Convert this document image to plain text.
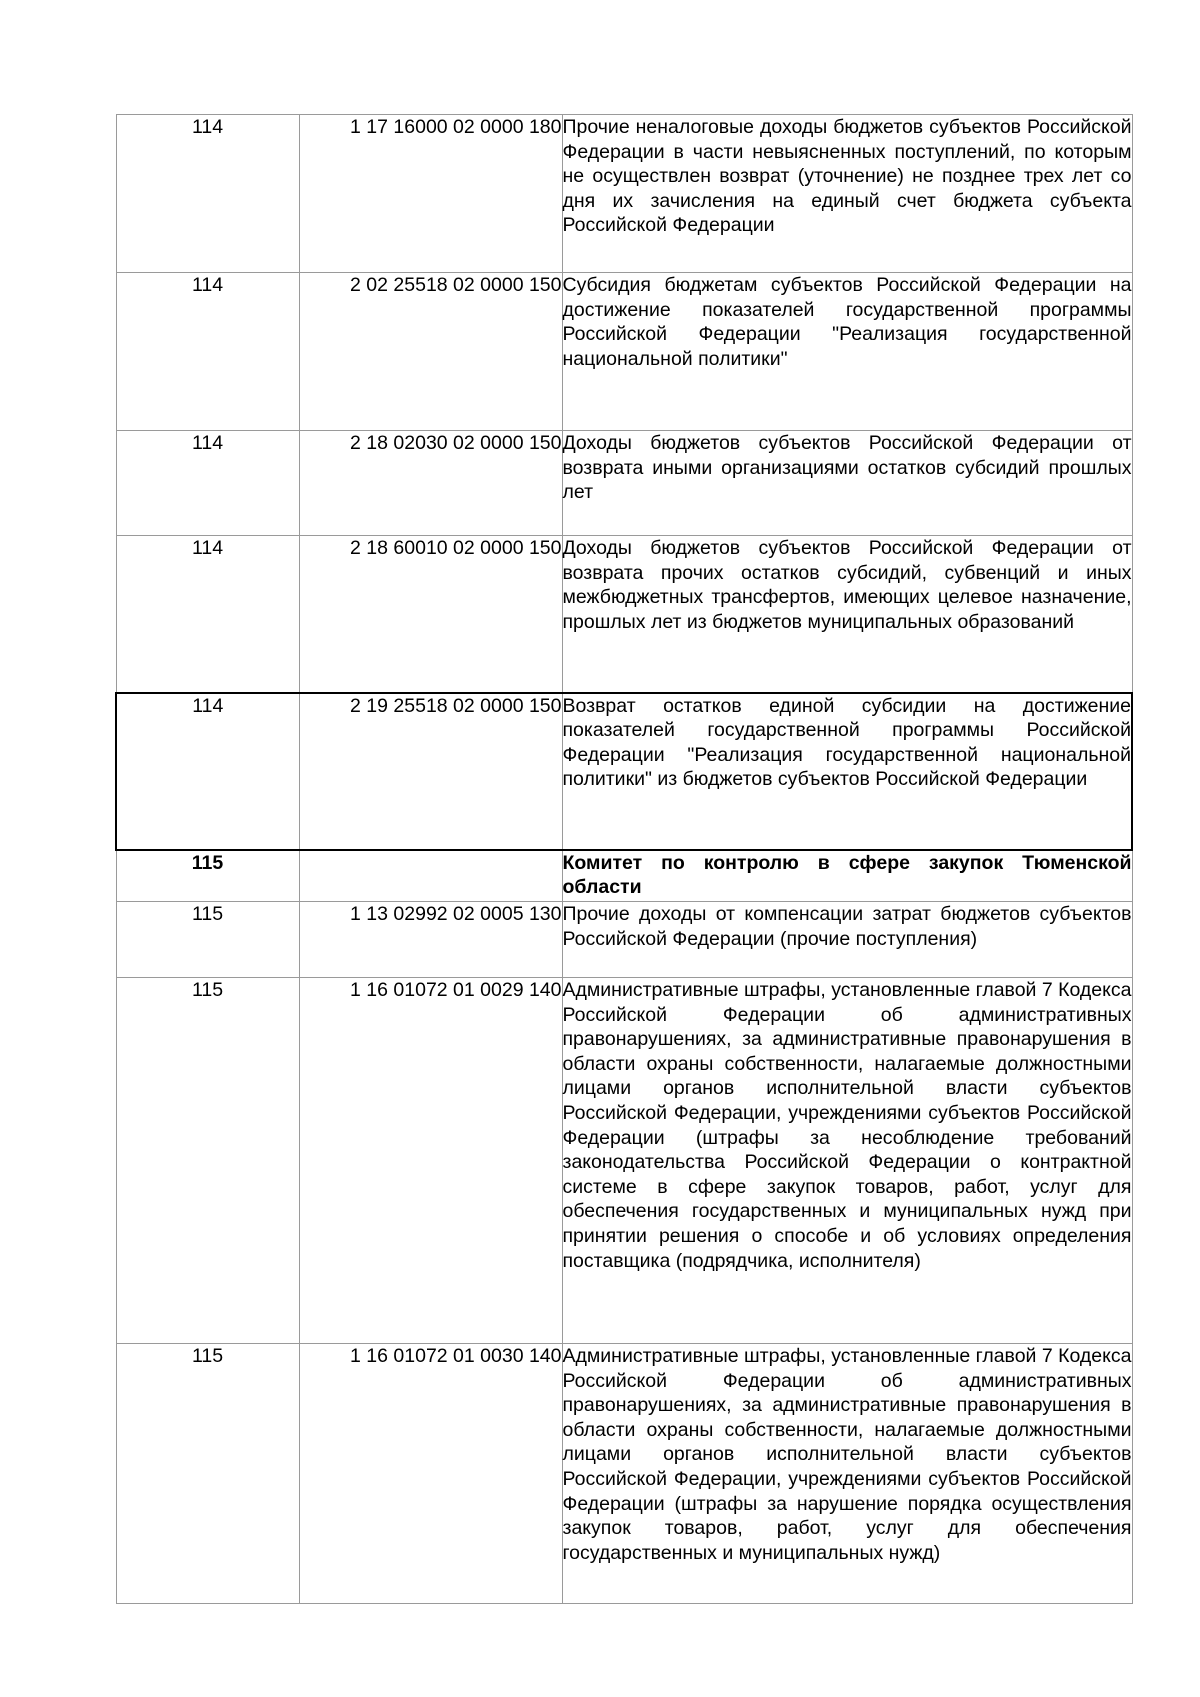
114	1 17 16000 02 0000 180	Прочие неналоговые доходы бюджетов субъектов Российской Федерации в части невыясненных поступлений, по которым не осуществлен возврат (уточнение) не позднее трех лет со дня их зачисления на единый счет бюджета субъекта Российской Федерации
114	2 02 25518 02 0000 150	Субсидия бюджетам субъектов Российской Федерации на достижение показателей государственной программы Российской Федерации "Реализация государственной национальной политики"
114	2 18 02030 02 0000 150	Доходы бюджетов субъектов Российской Федерации от возврата иными организациями остатков субсидий прошлых лет
114	2 18 60010 02 0000 150	Доходы бюджетов субъектов Российской Федерации от возврата прочих остатков субсидий, субвенций и иных межбюджетных трансфертов, имеющих целевое назначение, прошлых лет из бюджетов муниципальных образований
114	2 19 25518 02 0000 150	Возврат остатков единой субсидии на достижение показателей государственной программы Российской Федерации "Реализация государственной национальной политики" из бюджетов субъектов Российской Федерации
115		Комитет по контролю в сфере закупок Тюменской области
115	1 13 02992 02 0005 130	Прочие доходы от компенсации затрат бюджетов субъектов Российской Федерации (прочие поступления)
115	1 16 01072 01 0029 140	Административные штрафы, установленные главой 7 Кодекса Российской Федерации об административных правонарушениях, за административные правонарушения в области охраны собственности, налагаемые должностными лицами органов исполнительной власти субъектов Российской Федерации, учреждениями субъектов Российской Федерации (штрафы за несоблюдение требований законодательства Российской Федерации о контрактной системе в сфере закупок товаров, работ, услуг для обеспечения государственных и муниципальных нужд при принятии решения о способе и об условиях определения поставщика (подрядчика, исполнителя)
115	1 16 01072 01 0030 140	Административные штрафы, установленные главой 7 Кодекса Российской Федерации об административных правонарушениях, за административные правонарушения в области охраны собственности, налагаемые должностными лицами органов исполнительной власти субъектов Российской Федерации, учреждениями субъектов Российской Федерации (штрафы за нарушение порядка осуществления закупок товаров, работ, услуг для обеспечения государственных и муниципальных нужд)
